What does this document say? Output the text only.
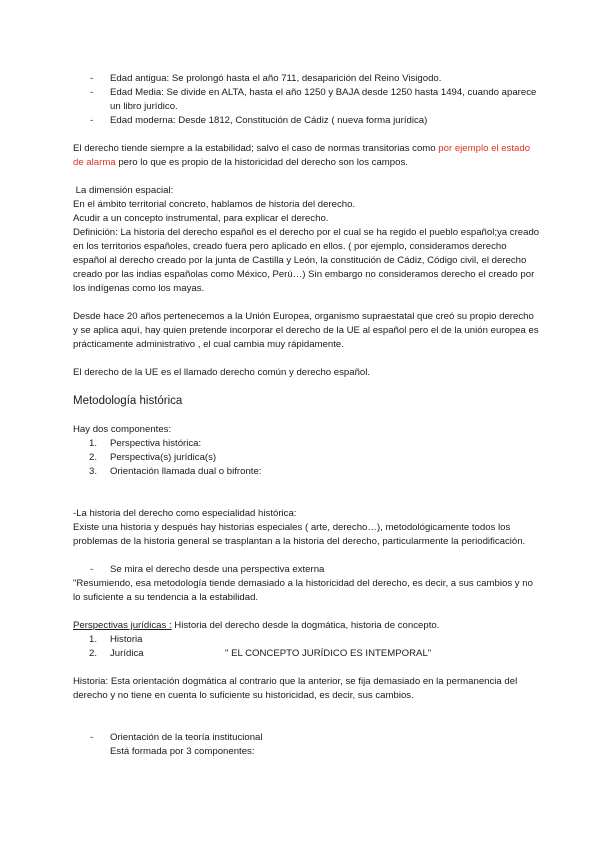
- Edad antigua: Se prolongó hasta el año 711, desaparición del Reino Visigodo.
- Edad Media: Se divide en ALTA, hasta el año 1250 y BAJA desde 1250 hasta 1494, cuando aparece un libro jurídico.
- Edad moderna: Desde 1812, Constitución de Cádiz ( nueva forma jurídica)

El derecho tiende siempre a la estabilidad; salvo el caso de normas transitorias como por ejemplo el estado de alarma pero lo que es propio de la historicidad del derecho son los campos.

La dimensión espacial:

En el ámbito territorial concreto, hablamos de historia del derecho.

Acudir a un concepto instrumental, para explicar el derecho.

Definición: La historia del derecho español es el derecho por el cual se ha regido el pueblo español;ya creado en los territorios españoles, creado fuera pero aplicado en ellos. ( por ejemplo, consideramos derecho español al derecho creado por la junta de Castilla y León, la constitución de Cádiz, Código civil, el derecho creado por las indias españolas como México, Perú…) Sin embargo no consideramos derecho el creado por los indígenas como los mayas.

Desde hace 20 años pertenecemos a la Unión Europea, organismo supraestatal que creó su propio derecho y se aplica aquí, hay quien pretende incorporar el derecho de la UE al español pero el de la unión europea es prácticamente administrativo , el cual cambia muy rápidamente.

El derecho de la UE es el llamado derecho común y derecho español.

Metodología histórica

Hay dos componentes:

1. Perspectiva histórica:
2. Perspectiva(s) jurídica(s)
3. Orientación llamada dual o bifronte:

-La historia del derecho como especialidad histórica:

Existe una historia y después hay historias especiales ( arte, derecho…), metodológicamente todos los problemas de la historia general se trasplantan a la historia del derecho, particularmente la periodificación.

- Se mira el derecho desde una perspectiva externa

"Resumiendo, esa metodología tiende demasiado a la historicidad del derecho, es decir, a sus cambios y no lo suficiente a su tendencia a la estabilidad.

Perspectivas jurídicas : Historia del derecho desde la dogmática, historia de concepto.

1. Historia
2. Jurídica	" EL CONCEPTO JURÍDICO ES INTEMPORAL"

Historia: Esta orientación dogmática al contrario que la anterior, se fija demasiado en la permanencia del derecho y no tiene en cuenta lo suficiente su historicidad, es decir, sus cambios.

- Orientación de la teoría institucional
Está formada por 3 componentes:
